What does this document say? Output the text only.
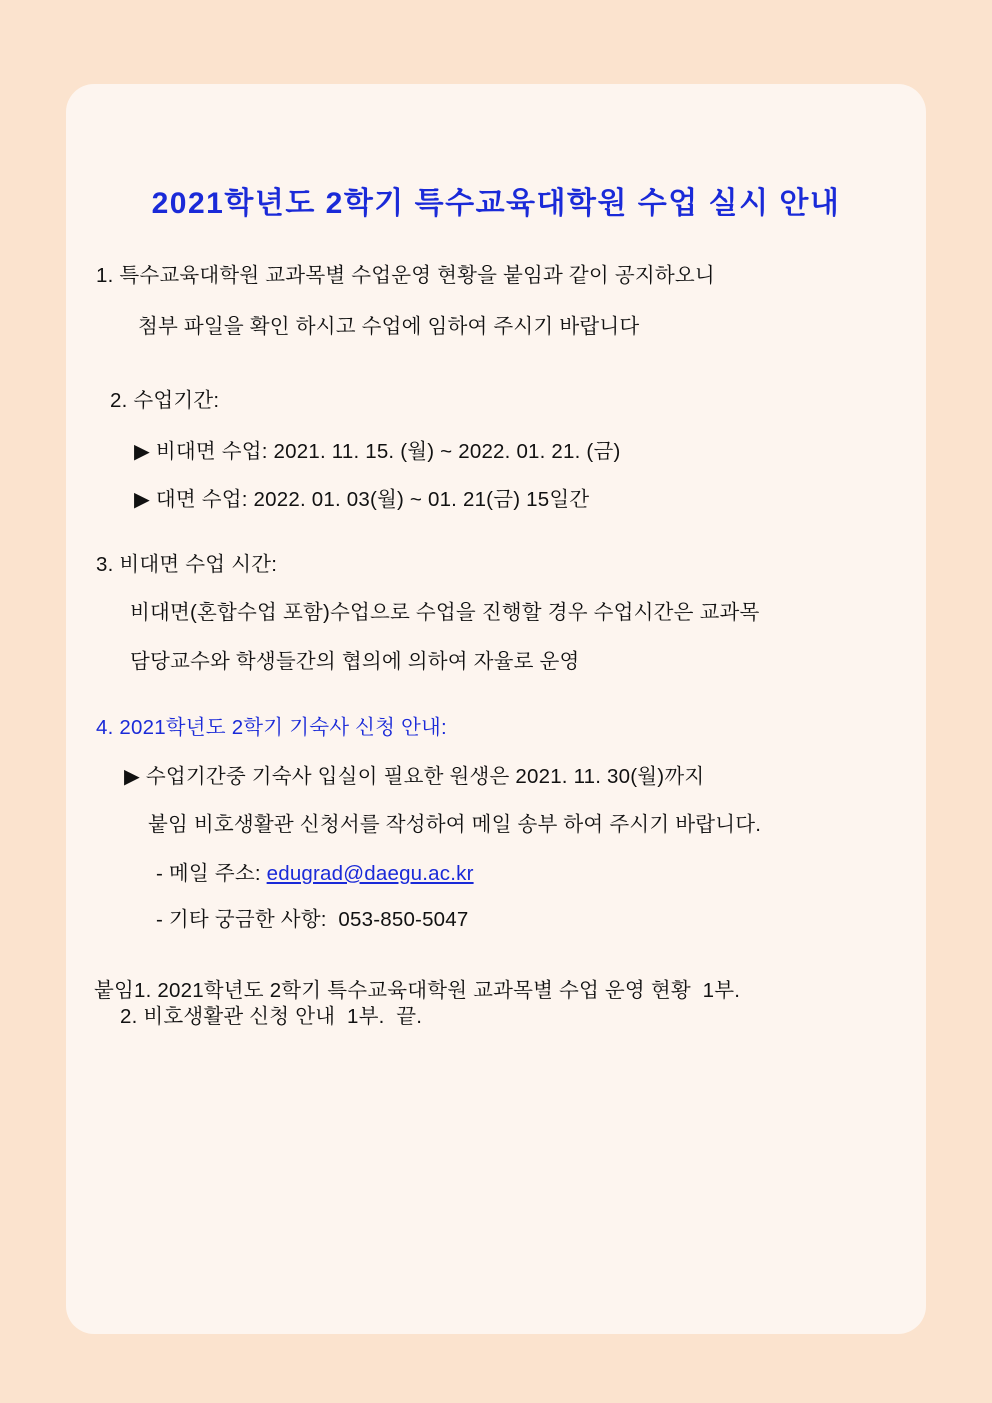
2021학년도 2학기 특수교육대학원 수업 실시 안내
1. 특수교육대학원 교과목별 수업운영 현황을 붙임과 같이 공지하오니
첨부 파일을 확인 하시고 수업에 임하여 주시기 바랍니다
2. 수업기간:
▶ 비대면 수업: 2021. 11. 15. (월) ~ 2022. 01. 21. (금)
▶ 대면 수업: 2022. 01. 03(월) ~ 01. 21(금) 15일간
3. 비대면 수업 시간:
비대면(혼합수업 포함)수업으로 수업을 진행할 경우 수업시간은 교과목
담당교수와 학생들간의 협의에 의하여 자율로 운영
4. 2021학년도 2학기 기숙사 신청 안내:
▶ 수업기간중 기숙사 입실이 필요한 원생은 2021. 11. 30(월)까지
붙임 비호생활관 신청서를 작성하여 메일 송부 하여 주시기 바랍니다.
- 메일 주소: edugrad@daegu.ac.kr
- 기타 궁금한 사항:  053-850-5047
붙임1. 2021학년도 2학기 특수교육대학원 교과목별 수업 운영 현황  1부.
2. 비호생활관 신청 안내  1부.  끝.
